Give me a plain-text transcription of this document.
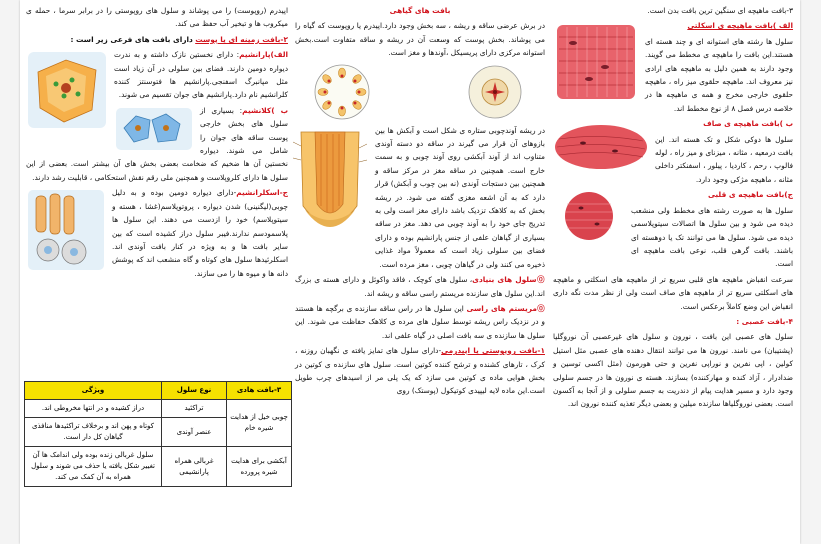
۳-بافت ماهیچه ای سنگین ترین بافت بدن است.

الف )بافت ماهیچه ی اسکلتی

سلول ها رشته های استوانه ای و چند هسته ای هستند.این بافت را ماهیچه ی مخطط می گویند. وجود دارند به همین دلیل به ماهیچه های ارادی نیز معروف اند. ماهیچه حلقوی میز راه ، ماهیچه حلقوی خارجی مخرج و همه ی ماهیچه ها در خلاصه درس فصل ۸ از نوع مخطط اند.

ب )بافت ماهیچه ی صاف

سلول ها دوکی شکل و تک هسته اند. این بافت درمعیه ، مثانه ، میزنای و میز راه ، لوله فالوپ ، رحم ، کاردیا ، پیلور ، اسفنکتر داخلی مثانه ، ماهیچه مژکی وجود دارد.

ج)بافت ماهیچه ی قلبی

سلول ها به صورت رشته های مخطط ولی منشعب دیده می شود و بین سلول ها اتصالات سیتوپلاسمی دیده می شود. سلول ها می توانند تک یا دوهسته ای باشند. بافت گرهی قلب، نوعی بافت ماهیچه ای است.

سرعت انقباض ماهیچه های قلبی سریع تر از ماهیچه های اسکلتی و ماهیچه های اسکلتی سریع تر از ماهیچه های صاف است ولی از نظر مدت نگه داری انقباض این وضع کاملاً برعکس است.

۴-بافت عصبی :

سلول های عصبی این بافت ، نورون و سلول های غیرعصبی آن نوروگلیا (پشتیبان) می نامند. نورون ها می توانند انتقال دهنده های عصبی مثل استیل کولین ، اپی نفرین و نوراپی نفرین و حتی هورمون (مثل اکسی توسین و ضدادرار ، آزاد کنده و مهارکننده) بسازند. هسته ی نورون ها در جسم سلولی وجود دارد و مسیر هدایت پیام از دندریت به جسم سلولی و از آنجا به آکسون است. بعضی نوروگلیاها سازنده میلین و بعضی دیگر تغذیه کننده نورون اند.

بافت های گیاهی

در برش عرضی ساقه و ریشه ، سه بخش وجود دارد.اپیدرم یا روپوست که گیاه را می پوشاند. بخش پوست که وسعت آن در ریشه و ساقه متفاوت است.بخش استوانه مرکزی دارای پریسیکل ،آوندها و مغز است.

در ریشه آوندچوبی ستاره ی شکل است و آبکش ها بین بازوهای آن قرار می گیرند در ساقه دو دسته آوندی متناوب اند از آوند آبکشی روی آوند چوبی و به سمت خارج است. همچنین در ساقه مغز در مرکز ساقه و همچنین بین دستجات آوندی (نه بین چوب و آبکش) قرار دارد که به آن اشعه مغزی گفته می شود. در ریشه بخش که به کلاهک تزدیک باشد دارای مغز است ولی به تدریج جای خود را به آوند چوبی می دهد. مغز در ساقه بسیاری از گیاهان علفی از جنس پارانشیم بوده و دارای فضای بین سلولی زیاد است که معمولاً مواد غذایی ذخیره می کنند ولی در گیاهان چوبی ، مغز مرده است.

⓪سلول های بنیادی، سلول های کوچک ، فاقد واکوئل و دارای هسته ی بزرگ اند.این سلول های سازنده مریستم راسی ساقه و ریشه اند.

⓪مریستم های راسی این سلول ها در راس ساقه سازنده ی برگچه ها هستند و در نزدیک راس ریشه توسط سلول های مرده ی کلاهک حفاظت می شوند. این سلول ها سازنده ی سه بافت اصلی در گیاه علفی اند.

۱-بافت روپوستی یا اپیدرمی-دارای سلول های تمایز یافته ی نگهبان روزنه ، کرک ، تارهای کشنده و ترشح کننده کوتین است. سلول های سازنده ی کوتین در بخش هوایی ماده ی کوتین می سازد که یک پلی مر از اسیدهای چرب طویل است.این ماده لایه لیپیدی کوتیکول (پوستک) روی

اپیدرم (روپوست) را می پوشاند و سلول های روپوستی را در برابر سرما ، حمله ی میکروب ها و تبخیر آب حفظ می کند.

۲-بافت زمینه ای یا پوست دارای بافت های فرعی زیر است :

الف)پارانشیم: دارای نخستین نازک داشته و به ندرت دیواره دومین دارند. فضای بین سلولی در آن زیاد است مثل مپانبرگ اسفنجی.پارانشیم ها فتوسنتز کننده کلرانشیم نام دارد.پارانشیم های جوان تقسیم می شوند.

ب )کلانشیم: بسیاری از سلول های بخش خارجی پوست ساقه های جوان را شامل می شوند. دیواره نخستین آن ها ضخیم که ضخامت بعضی بخش های آن بیشتر است. بعضی از این سلول ها دارای کلروپلاست و همچنین ملی رقم نقش استحکامی ، قابلیت رشد دارند.

ج-اسکلرانشیم-دارای دیواره دومین بوده و به دلیل چوبی(لیگنینی) شدن دیواره ، پروتوپلاسم(غشا ، هسته و سیتوپلاسم) خود را ازدست می دهند. این سلول ها پلاسمودسم ندارند.فیبر سلول دراز کشیده است که بین سایر بافت ها و به ویژه در کنار بافت آوندی اند. اسکلرئیدها سلول های کوتاه و گاه منشعب اند که پوشش دانه ها و میوه ها را می سازند.

۳-بافت هادی	نوع سلول	ویژگی
چوبی خیل از هدایت شیره خام	تراکئید	دراز کشیده و در انتها مخروطی اند.
	عنصر آوندی	کوتاه و پهن اند و برخلاف تراکئیدها منافذی گیاهان کل دار است.
آبکشی برای هدایت شیره پرورده	غربالی همراه پارانشیمی	سلول غربالی زنده بوده ولی اندامک ها آن تغییر شکل یافته یا حذف می شوند و سلول همراه به آن کمک می کند.
